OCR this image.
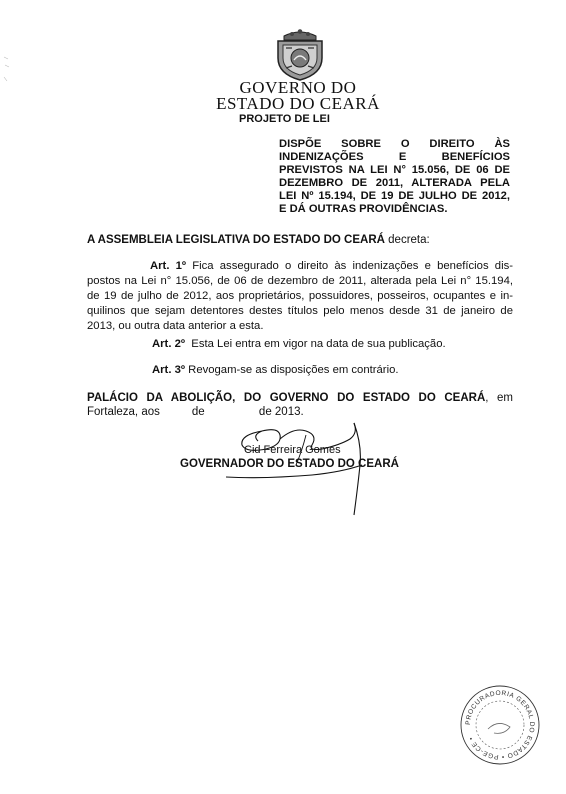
GOVERNO DO
ESTADO DO CEARÁ
PROJETO DE LEI
DISPÕE SOBRE O DIREITO ÀS
INDENIZAÇÕES E BENEFÍCIOS
PREVISTOS NA LEI N° 15.056, DE 06 DE
DEZEMBRO DE 2011, ALTERADA PELA
LEI Nº 15.194, DE 19 DE JULHO DE 2012,
E DÁ OUTRAS PROVIDÊNCIAS.
A ASSEMBLEIA LEGISLATIVA DO ESTADO DO CEARÁ decreta:
Art. 1º Fica assegurado o direito às indenizações e benefícios dis-
postos na Lei n° 15.056, de 06 de dezembro de 2011, alterada pela Lei n° 15.194,
de 19 de julho de 2012, aos proprietários, possuidores, posseiros, ocupantes e in-
quilinos que sejam detentores destes títulos pelo menos desde 31 de janeiro de
2013, ou outra data anterior a esta.
Art. 2º Esta Lei entra em vigor na data de sua publicação.
Art. 3º Revogam-se as disposições em contrário.
PALÁCIO DA ABOLIÇÃO, DO GOVERNO DO ESTADO DO CEARÁ, em
Fortaleza, aos          de                 de 2013.
Cid Ferreira Gomes
GOVERNADOR DO ESTADO DO CEARÁ
PROCURADORIA GERAL DO ESTADO • PGE-CE •
